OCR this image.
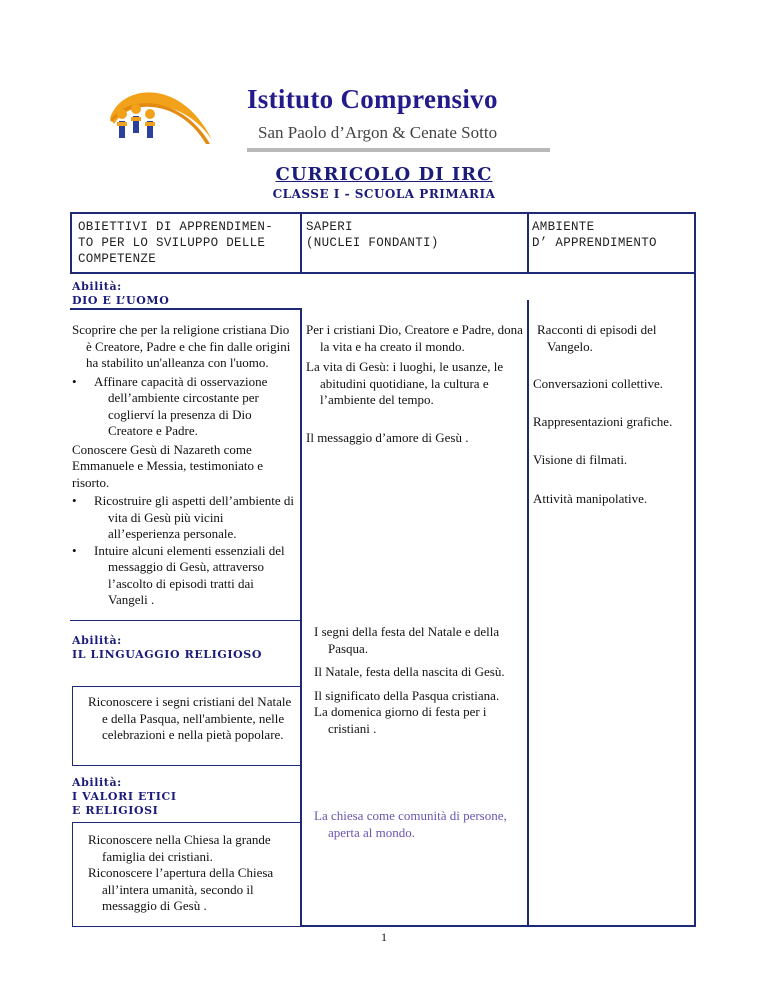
Istituto Comprensivo
San Paolo d’Argon & Cenate Sotto
CURRICOLO DI IRC
CLASSE I - SCUOLA PRIMARIA
OBIETTIVI DI APPRENDIMEN-
TO PER LO SVILUPPO DELLE
COMPETENZE
SAPERI
(NUCLEI FONDANTI)
AMBIENTE
D’ APPRENDIMENTO
Abilità:
DIO E L’UOMO
Scoprire che per la religione cristiana Dio è Creatore, Padre e che fin dalle origini ha stabilito un'alleanza con l'uomo.
• Affinare capacità di osservazione dell’ambiente circostante per coglierví la presenza di Dio Creatore e Padre.
Conoscere Gesù di Nazareth come Emmanuele e Messia, testimoniato e risorto.
• Ricostruire gli aspetti dell’ambiente di vita di Gesù più vicini all’esperienza personale.
• Intuire alcuni elementi essenziali del messaggio di Gesù, attraverso l’ascolto di episodi tratti dai Vangeli .
Per i cristiani Dio, Creatore e Padre, dona la vita e ha creato il mondo.
La vita di Gesù: i luoghi, le usanze, le abitudini quotidiane, la cultura e l’ambiente del tempo.
Il messaggio d’amore di Gesù .
Racconti di episodi del Vangelo.
Conversazioni collettive.
Rappresentazioni grafiche.
Visione di filmati.
Attività manipolative.
Abilità:
IL LINGUAGGIO RELIGIOSO
Riconoscere i segni cristiani del Natale e della Pasqua, nell'ambiente, nelle celebrazioni e nella pietà popolare.
I segni della festa del Natale e della Pasqua.
Il Natale, festa della nascita di Gesù.
Il significato della Pasqua cristiana.
La domenica giorno di festa per i cristiani .
Abilità:
I VALORI ETICI
E RELIGIOSI
Riconoscere nella Chiesa la grande famiglia dei cristiani.
Riconoscere l’apertura della Chiesa all’intera umanità, secondo il messaggio di Gesù .
La chiesa come comunità di persone, aperta al mondo.
1
